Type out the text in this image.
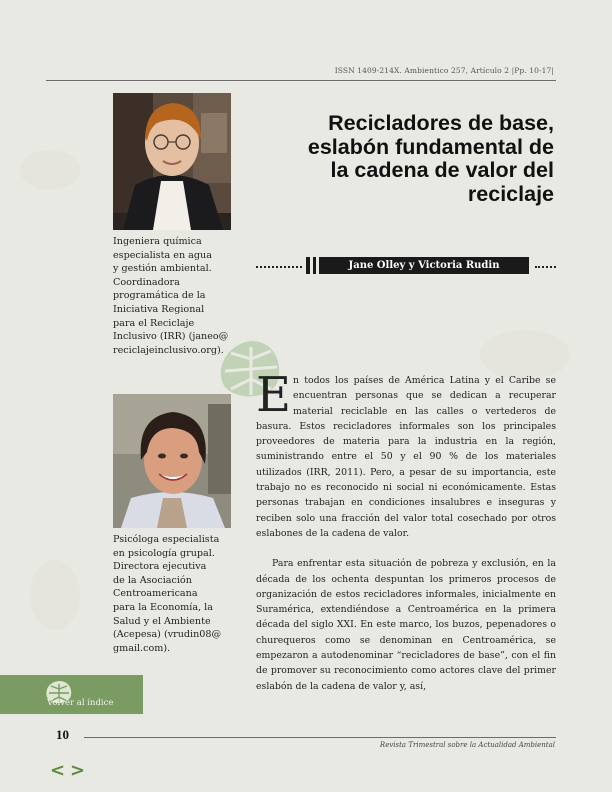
ISSN 1409-214X. Ambientico 257, Artículo 2 |Pp. 10-17|
Ingeniera química
especialista en agua
y gestión ambiental.
Coordinadora
programática de la
Iniciativa Regional
para el Reciclaje
Inclusivo (IRR) (janeo@
reciclajeinclusivo.org).
Recicladores de base,
eslabón fundamental de
la cadena de valor del
reciclaje
Jane Olley y Victoria Rudin
Psicóloga especialista
en psicología grupal.
Directora ejecutiva
de la Asociación
Centroamericana
para la Economía, la
Salud y el Ambiente
(Acepesa) (vrudin08@
gmail.com).

En todos los países de América Latina y el Caribe se encuentran personas que se dedican a recuperar material reciclable en las calles o vertederos de basura. Estos recicladores informales son los principales proveedores de materia para la industria en la región, suministrando entre el 50 y el 90 % de los materiales utilizados (IRR, 2011). Pero, a pesar de su importancia, este trabajo no es reconocido ni social ni económicamente. Estas personas trabajan en condiciones insalubres e inseguras y reciben solo una fracción del valor total cosechado por otros eslabones de la cadena de valor.

Para enfrentar esta situación de pobreza y exclusión, en la década de los ochenta despuntan los primeros procesos de organización de estos recicladores informales, inicialmente en Suramérica, extendiéndose a Centroamérica en la primera década del siglo XXI. En este marco, los buzos, pepenadores o churequeros como se denominan en Centroamérica, se empezaron a autodenominar “recicladores de base”, con el fin de promover su reconocimiento como actores clave del primer eslabón de la cadena de valor y, así,

Volver al índice
10
Revista Trimestral sobre la Actualidad Ambiental
< >
